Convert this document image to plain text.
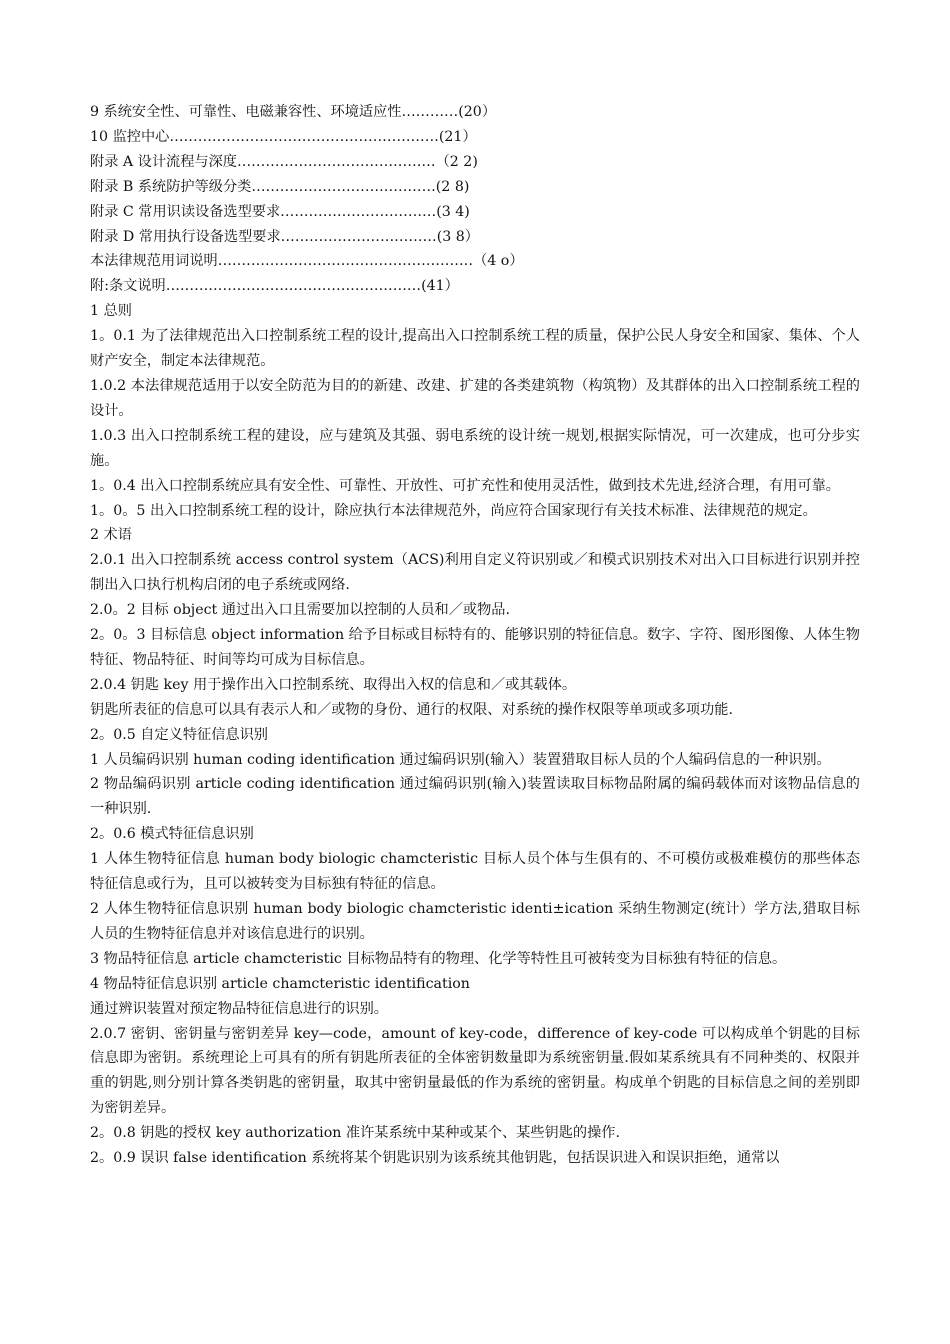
9 系统安全性、可靠性、电磁兼容性、环境适应性…………(20）
10 监控中心…………………………………………………(21）
附录 A 设计流程与深度……………………………………（2 2)
附录 B 系统防护等级分类…………………………………(2 8)
附录 C 常用识读设备选型要求……………………………(3 4)
附录 D 常用执行设备选型要求……………………………(3 8）
本法律规范用词说明………………………………………………（4 o）
附:条文说明………………………………………………(41）
1 总则
1。0.1 为了法律规范出入口控制系统工程的设计,提高出入口控制系统工程的质量，保护公民人身安全和国家、集体、个人财产安全，制定本法律规范。
1.0.2 本法律规范适用于以安全防范为目的的新建、改建、扩建的各类建筑物（构筑物）及其群体的出入口控制系统工程的设计。
1.0.3 出入口控制系统工程的建设，应与建筑及其强、弱电系统的设计统一规划,根据实际情况，可一次建成，也可分步实施。
1。0.4 出入口控制系统应具有安全性、可靠性、开放性、可扩充性和使用灵活性，做到技术先进,经济合理，有用可靠。
1。0。5 出入口控制系统工程的设计，除应执行本法律规范外，尚应符合国家现行有关技术标准、法律规范的规定。
2 术语
2.0.1 出入口控制系统 access control system（ACS)利用自定义符识别或／和模式识别技术对出入口目标进行识别并控制出入口执行机构启闭的电子系统或网络.
2.0。2 目标 object 通过出入口且需要加以控制的人员和／或物品.
2。0。3 目标信息 object information 给予目标或目标特有的、能够识别的特征信息。数字、字符、图形图像、人体生物特征、物品特征、时间等均可成为目标信息。
2.0.4 钥匙 key 用于操作出入口控制系统、取得出入权的信息和／或其载体。
钥匙所表征的信息可以具有表示人和／或物的身份、通行的权限、对系统的操作权限等单项或多项功能.
2。0.5 自定义特征信息识别
1 人员编码识别 human coding identification 通过编码识别(输入）装置猎取目标人员的个人编码信息的一种识别。
2 物品编码识别 article coding identification 通过编码识别(输入)装置读取目标物品附属的编码载体而对该物品信息的一种识别.
2。0.6 模式特征信息识别
1 人体生物特征信息 human body biologic chamcteristic 目标人员个体与生俱有的、不可模仿或极难模仿的那些体态特征信息或行为，且可以被转变为目标独有特征的信息。
2 人体生物特征信息识别 human body biologic chamcteristic identi±ication 采纳生物测定(统计）学方法,猎取目标人员的生物特征信息并对该信息进行的识别。
3 物品特征信息 article chamcteristic 目标物品特有的物理、化学等特性且可被转变为目标独有特征的信息。
4 物品特征信息识别 article chamcteristic identification
通过辨识装置对预定物品特征信息进行的识别。
2.0.7 密钥、密钥量与密钥差异 key—code，amount of key-code，difference of key-code 可以构成单个钥匙的目标信息即为密钥。系统理论上可具有的所有钥匙所表征的全体密钥数量即为系统密钥量.假如某系统具有不同种类的、权限并重的钥匙,则分别计算各类钥匙的密钥量，取其中密钥量最低的作为系统的密钥量。构成单个钥匙的目标信息之间的差别即为密钥差异。
2。0.8 钥匙的授权 key authorization 准许某系统中某种或某个、某些钥匙的操作.
2。0.9 误识 false identification 系统将某个钥匙识别为该系统其他钥匙，包括误识进入和误识拒绝，通常以
